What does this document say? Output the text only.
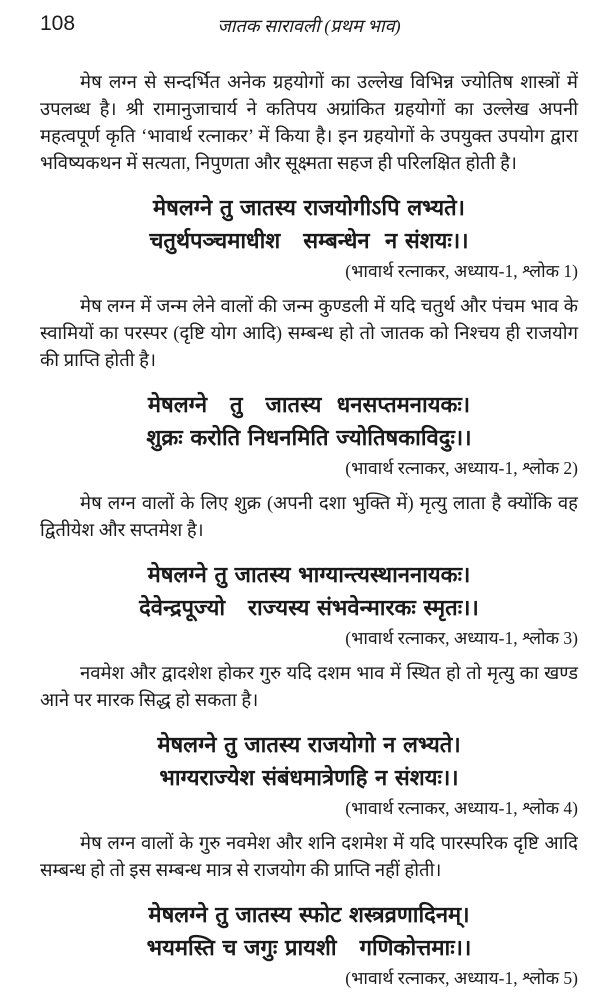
108	जातक सारावली (प्रथम भाव)

मेष लग्न से सन्दर्भित अनेक ग्रहयोगों का उल्लेख विभिन्न ज्योतिष शास्त्रों में उपलब्ध है। श्री रामानुजाचार्य ने कतिपय अग्रांकित ग्रहयोगों का उल्लेख अपनी महत्वपूर्ण कृति ‘भावार्थ रत्नाकर’ में किया है। इन ग्रहयोगों के उपयुक्त उपयोग द्वारा भविष्यकथन में सत्यता, निपुणता और सूक्ष्मता सहज ही परिलक्षित होती है।

मेषलग्ने तु जातस्य राजयोगीऽपि लभ्यते।
चतुर्थपञ्चमाधीश   सम्बन्धेन  न संशयः।।
(भावार्थ रत्नाकर, अध्याय-1, श्लोक 1)

मेष लग्न में जन्म लेने वालों की जन्म कुण्डली में यदि चतुर्थ और पंचम भाव के स्वामियों का परस्पर (दृष्टि योग आदि) सम्बन्ध हो तो जातक को निश्चय ही राजयोग की प्राप्ति होती है।

मेषलग्ने   तु   जातस्य  धनसप्तमनायकः।
शुक्रः करोति निधनमिति ज्योतिषकाविदुः।।
(भावार्थ रत्नाकर, अध्याय-1, श्लोक 2)

मेष लग्न वालों के लिए शुक्र (अपनी दशा भुक्ति में) मृत्यु लाता है क्योंकि वह द्वितीयेश और सप्तमेश है।

मेषलग्ने तु जातस्य भाग्यान्त्यस्थाननायकः।
देवेन्द्रपूज्यो   राज्यस्य संभवेन्मारकः स्मृतः।।
(भावार्थ रत्नाकर, अध्याय-1, श्लोक 3)

नवमेश और द्वादशेश होकर गुरु यदि दशम भाव में स्थित हो तो मृत्यु का खण्ड आने पर मारक सिद्ध हो सकता है।

मेषलग्ने तु जातस्य राजयोगो न लभ्यते।
भाग्यराज्येश संबंधमात्रेणहि न संशयः।।
(भावार्थ रत्नाकर, अध्याय-1, श्लोक 4)

मेष लग्न वालों के गुरु नवमेश और शनि दशमेश में यदि पारस्परिक दृष्टि आदि सम्बन्ध हो तो इस सम्बन्ध मात्र से राजयोग की प्राप्ति नहीं होती।

मेषलग्ने तु जातस्य स्फोट शस्त्रव्रणादिनम्।
भयमस्ति च जगुः प्रायशी   गणिकोत्तमाः।।
(भावार्थ रत्नाकर, अध्याय-1, श्लोक 5)
